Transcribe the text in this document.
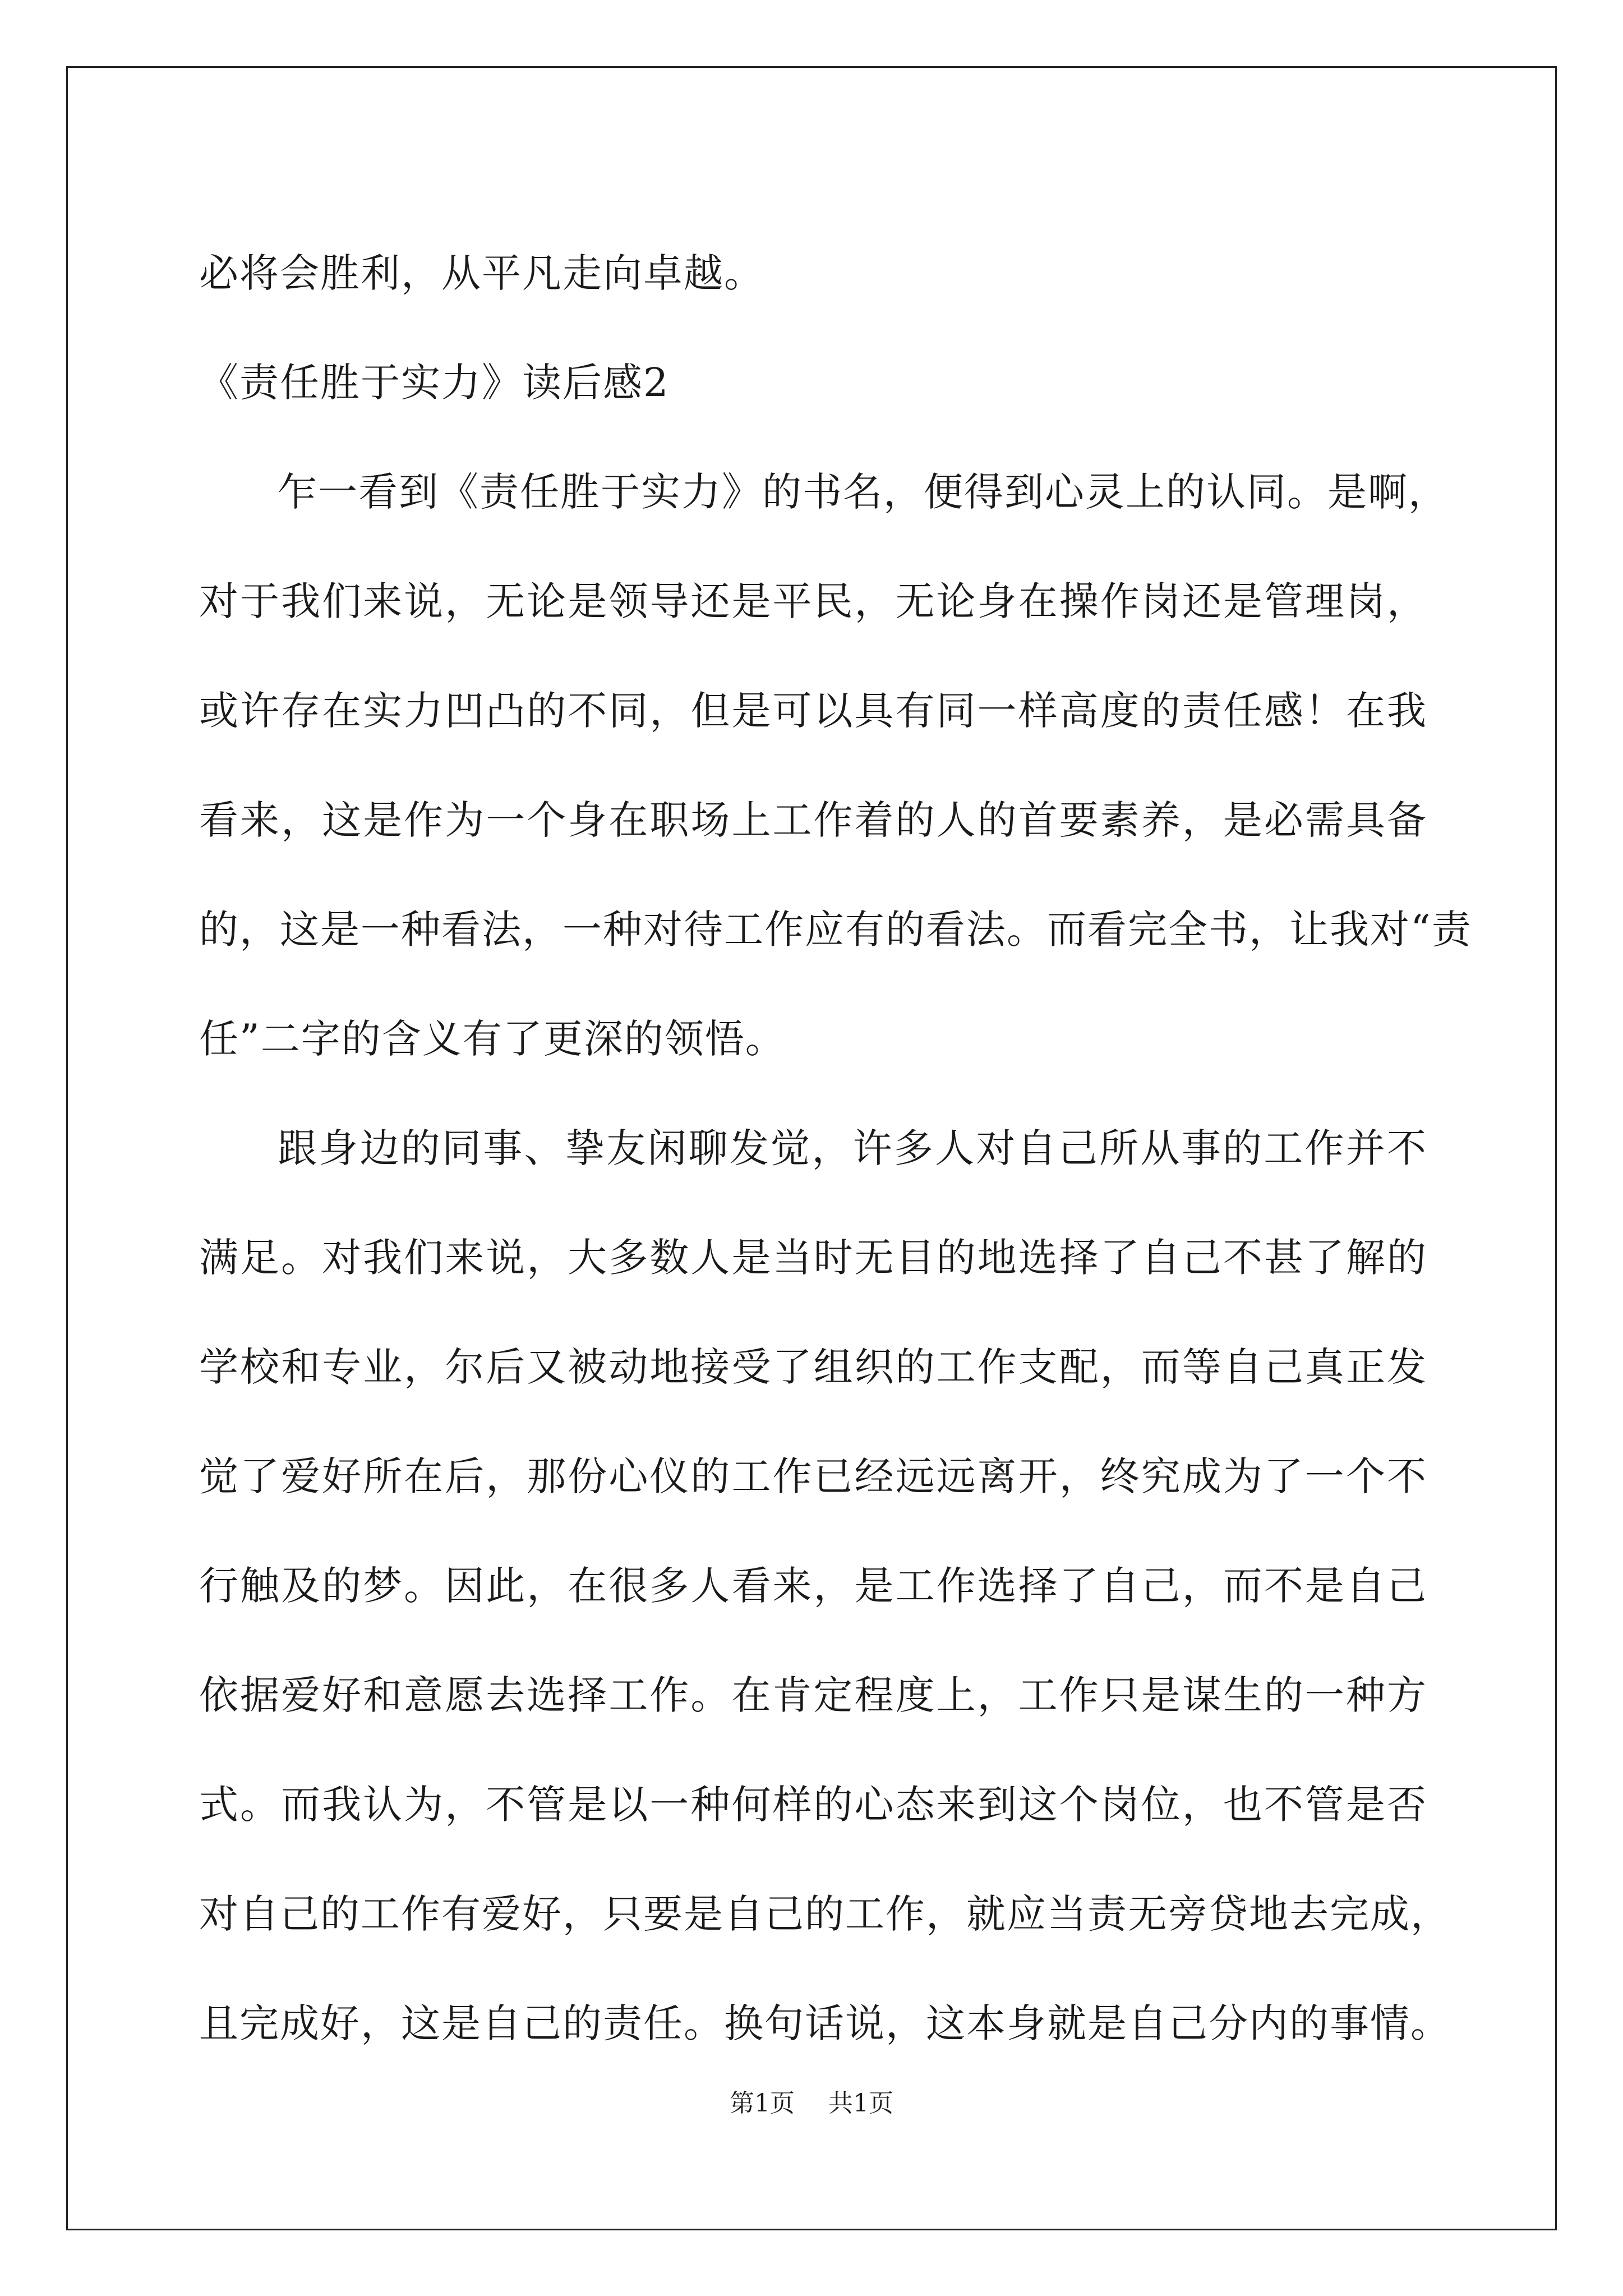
必将会胜利，从平凡走向卓越。
《责任胜于实力》读后感2
乍一看到《责任胜于实力》的书名，便得到心灵上的认同。是啊，
对于我们来说，无论是领导还是平民，无论身在操作岗还是管理岗，
或许存在实力凹凸的不同，但是可以具有同一样高度的责任感！在我
看来，这是作为一个身在职场上工作着的人的首要素养，是必需具备
的，这是一种看法，一种对待工作应有的看法。而看完全书，让我对“责
任”二字的含义有了更深的领悟。
跟身边的同事、挚友闲聊发觉，许多人对自己所从事的工作并不
满足。对我们来说，大多数人是当时无目的地选择了自己不甚了解的
学校和专业，尔后又被动地接受了组织的工作支配，而等自己真正发
觉了爱好所在后，那份心仪的工作已经远远离开，终究成为了一个不
行触及的梦。因此，在很多人看来，是工作选择了自己，而不是自己
依据爱好和意愿去选择工作。在肯定程度上，工作只是谋生的一种方
式。而我认为，不管是以一种何样的心态来到这个岗位，也不管是否
对自己的工作有爱好，只要是自己的工作，就应当责无旁贷地去完成，
且完成好，这是自己的责任。换句话说，这本身就是自己分内的事情。
第1页 共1页
